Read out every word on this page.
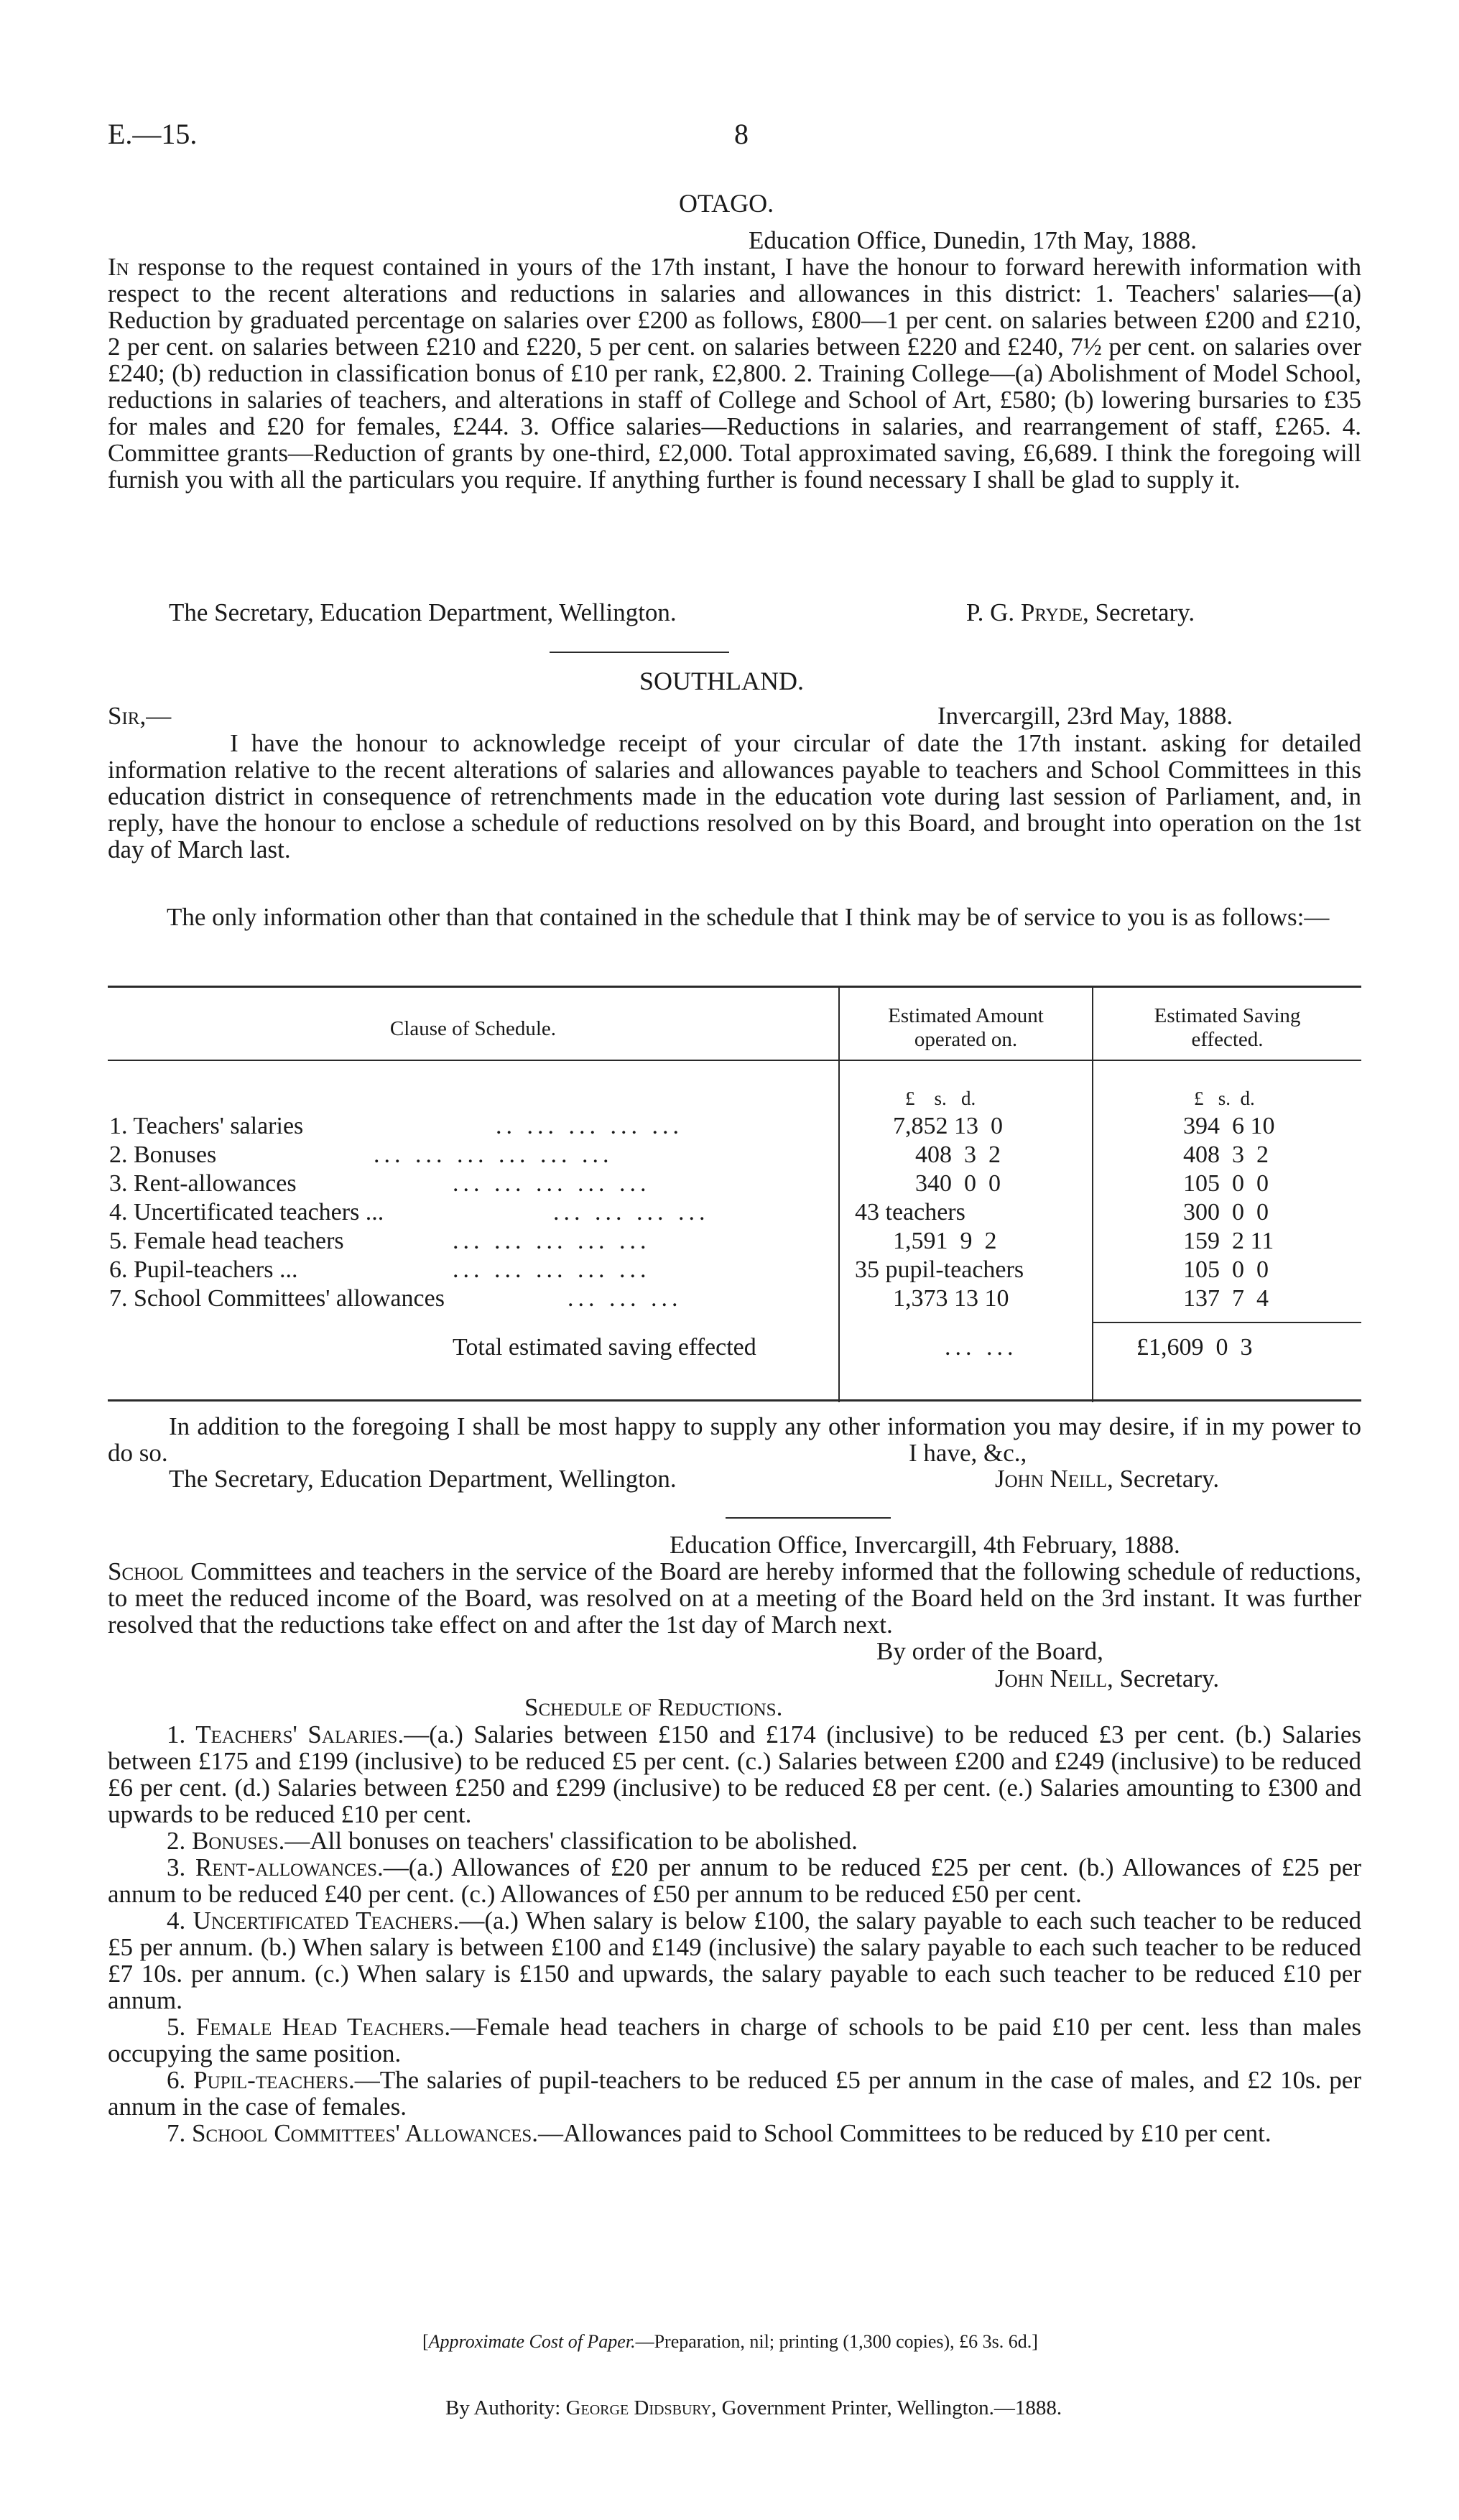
E.—15.	8
OTAGO.
Education Office, Dunedin, 17th May, 1888.
In response to the request contained in yours of the 17th instant, I have the honour to forward herewith information with respect to the recent alterations and reductions in salaries and allowances in this district: 1. Teachers' salaries—(a) Reduction by graduated percentage on salaries over £200 as follows, £800—1 per cent. on salaries between £200 and £210, 2 per cent. on salaries between £210 and £220, 5 per cent. on salaries between £220 and £240, 7½ per cent. on salaries over £240; (b) reduction in classification bonus of £10 per rank, £2,800. 2. Training College—(a) Abolishment of Model School, reductions in salaries of teachers, and alterations in staff of College and School of Art, £580; (b) lowering bursaries to £35 for males and £20 for females, £244. 3. Office salaries—Reductions in salaries, and rearrangement of staff, £265. 4. Committee grants—Reduction of grants by one-third, £2,000. Total approximated saving, £6,689. I think the foregoing will furnish you with all the particulars you require. If anything further is found necessary I shall be glad to supply it.
The Secretary, Education Department, Wellington.	P. G. Pryde, Secretary.
SOUTHLAND.
Sir,—	Invercargill, 23rd May, 1888.
I have the honour to acknowledge receipt of your circular of date the 17th instant. asking for detailed information relative to the recent alterations of salaries and allowances payable to teachers and School Committees in this education district in consequence of retrenchments made in the education vote during last session of Parliament, and, in reply, have the honour to enclose a schedule of reductions resolved on by this Board, and brought into operation on the 1st day of March last.
The only information other than that contained in the schedule that I think may be of service to you is as follows:—
Clause of Schedule.
Estimated Amount
operated on.
Estimated Saving
effected.
£ s. d.	£ s. d.
1. Teachers' salaries	.. ... ... ... ...	7,852 13  0	394  6 10
2. Bonuses	... ... ... ... ... ...	408  3  2	408  3  2
3. Rent-allowances	... ... ... ... ...	340  0  0	105  0  0
4. Uncertificated teachers ...	... ... ... ...	43 teachers	300  0  0
5. Female head teachers	... ... ... ... ...	1,591  9  2	159  2 11
6. Pupil-teachers ...	... ... ... ... ...	35 pupil-teachers	105  0  0
7. School Committees' allowances	... ... ...	1,373 13 10	137  7  4
Total estimated saving effected	... ...	£1,609  0  3
In addition to the foregoing I shall be most happy to supply any other information you may desire, if in my power to do so.	I have, &c.,
The Secretary, Education Department, Wellington.	John Neill, Secretary.
Education Office, Invercargill, 4th February, 1888.
School Committees and teachers in the service of the Board are hereby informed that the following schedule of reductions, to meet the reduced income of the Board, was resolved on at a meeting of the Board held on the 3rd instant. It was further resolved that the reductions take effect on and after the 1st day of March next.
By order of the Board,
John Neill, Secretary.
Schedule of Reductions.

1. Teachers' Salaries.—(a.) Salaries between £150 and £174 (inclusive) to be reduced £3 per cent. (b.) Salaries between £175 and £199 (inclusive) to be reduced £5 per cent. (c.) Salaries between £200 and £249 (inclusive) to be reduced £6 per cent. (d.) Salaries between £250 and £299 (inclusive) to be reduced £8 per cent. (e.) Salaries amounting to £300 and upwards to be reduced £10 per cent.

2. Bonuses.—All bonuses on teachers' classification to be abolished.

3. Rent-allowances.—(a.) Allowances of £20 per annum to be reduced £25 per cent. (b.) Allowances of £25 per annum to be reduced £40 per cent. (c.) Allowances of £50 per annum to be reduced £50 per cent.

4. Uncertificated Teachers.—(a.) When salary is below £100, the salary payable to each such teacher to be reduced £5 per annum. (b.) When salary is between £100 and £149 (inclusive) the salary payable to each such teacher to be reduced £7 10s. per annum. (c.) When salary is £150 and upwards, the salary payable to each such teacher to be reduced £10 per annum.

5. Female Head Teachers.—Female head teachers in charge of schools to be paid £10 per cent. less than males occupying the same position.

6. Pupil-teachers.—The salaries of pupil-teachers to be reduced £5 per annum in the case of males, and £2 10s. per annum in the case of females.

7. School Committees' Allowances.—Allowances paid to School Committees to be reduced by £10 per cent.

[Approximate Cost of Paper.—Preparation, nil; printing (1,300 copies), £6 3s. 6d.]
By Authority: George Didsbury, Government Printer, Wellington.—1888.
